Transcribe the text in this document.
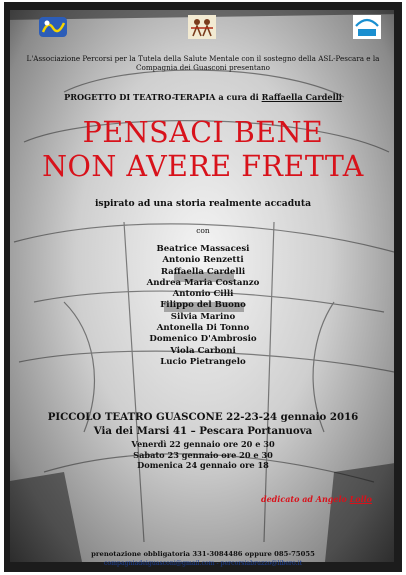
L'Associazione Percorsi per la Tutela della Salute Mentale con il sostegno della ASL-Pescara e la
Compagnia dei Guasconi presentano
PROGETTO DI TEATRO-TERAPIA a cura di Raffaella Cardelli
PENSACI BENE
NON AVERE FRETTA
ispirato ad una storia realmente accaduta
con
Beatrice Massacesi
Antonio Renzetti
Raffaella Cardelli
Andrea Maria Costanzo
Antonio Cilli
Filippo del Buono
Silvia Marino
Antonella Di Tonno
Domenico D'Ambrosio
Viola Carboni
Lucio Pietrangelo
PICCOLO TEATRO GUASCONE 22-23-24 gennaio 2016
Via dei Marsi 41 – Pescara Portanuova
Venerdì 22 gennaio ore 20 e 30
Sabato 23 gennaio ore 20 e 30
Domenica 24 gennaio ore 18
dedicato ad Angelo Lollo
prenotazione obbligatoria 331-3084486 oppure 085-75055
compagniadeiguasconi@gmail.com - percorsiabruzzo@libero.it
